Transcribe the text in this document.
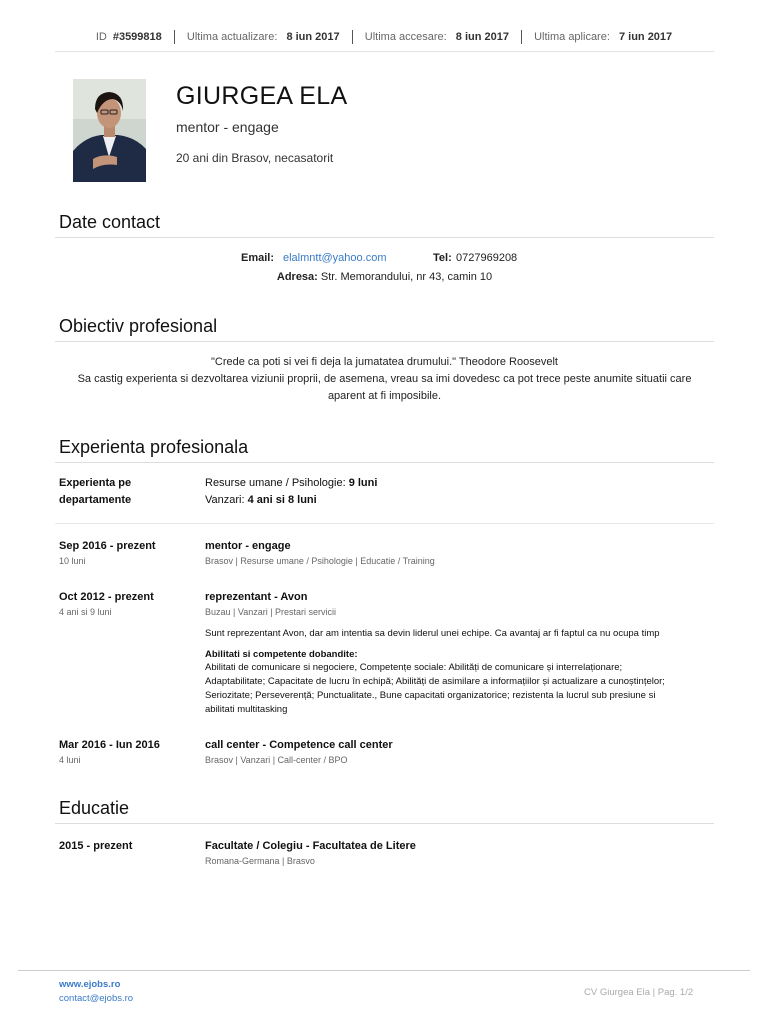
ID #3599818 Ultima actualizare: 8 iun 2017 Ultima accesare: 8 iun 2017 Ultima aplicare: 7 iun 2017
GIURGEA ELA
mentor - engage
20 ani din Brasov, necasatorit
Date contact
Email: elalmntt@yahoo.com	Tel: 0727969208
Adresa: Str. Memorandului, nr 43, camin 10
Obiectiv profesional
"Crede ca poti si vei fi deja la jumatatea drumului." Theodore Roosevelt
Sa castig experienta si dezvoltarea viziunii proprii, de asemena, vreau sa imi dovedesc ca pot trece peste anumite situatii care
aparent at fi imposibile.
Experienta profesionala
Experienta pe
departamente
Resurse umane / Psihologie: 9 luni
Vanzari: 4 ani si 8 luni
Sep 2016 - prezent
10 luni
mentor - engage
Brasov | Resurse umane / Psihologie | Educatie / Training
Oct 2012 - prezent
4 ani si 9 luni
reprezentant - Avon
Buzau | Vanzari | Prestari servicii
Sunt reprezentant Avon, dar am intentia sa devin liderul unei echipe. Ca avantaj ar fi faptul ca nu ocupa timp
Abilitati si competente dobandite:
Abilitati de comunicare si negociere, Competențe sociale: Abilități de comunicare și interrelaționare;
Adaptabilitate; Capacitate de lucru în echipă; Abilități de asimilare a informațiilor și actualizare a cunoștințelor;
Seriozitate; Perseverență; Punctualitate., Bune capacitati organizatorice; rezistenta la lucrul sub presiune si
abilitati multitasking
Mar 2016 - Iun 2016
4 luni
call center - Competence call center
Brasov | Vanzari | Call-center / BPO
Educatie
2015 - prezent	Facultate / Colegiu - Facultatea de Litere
Romana-Germana | Brasvo
www.ejobs.ro
contact@ejobs.ro
CV Giurgea Ela | Pag. 1/2
